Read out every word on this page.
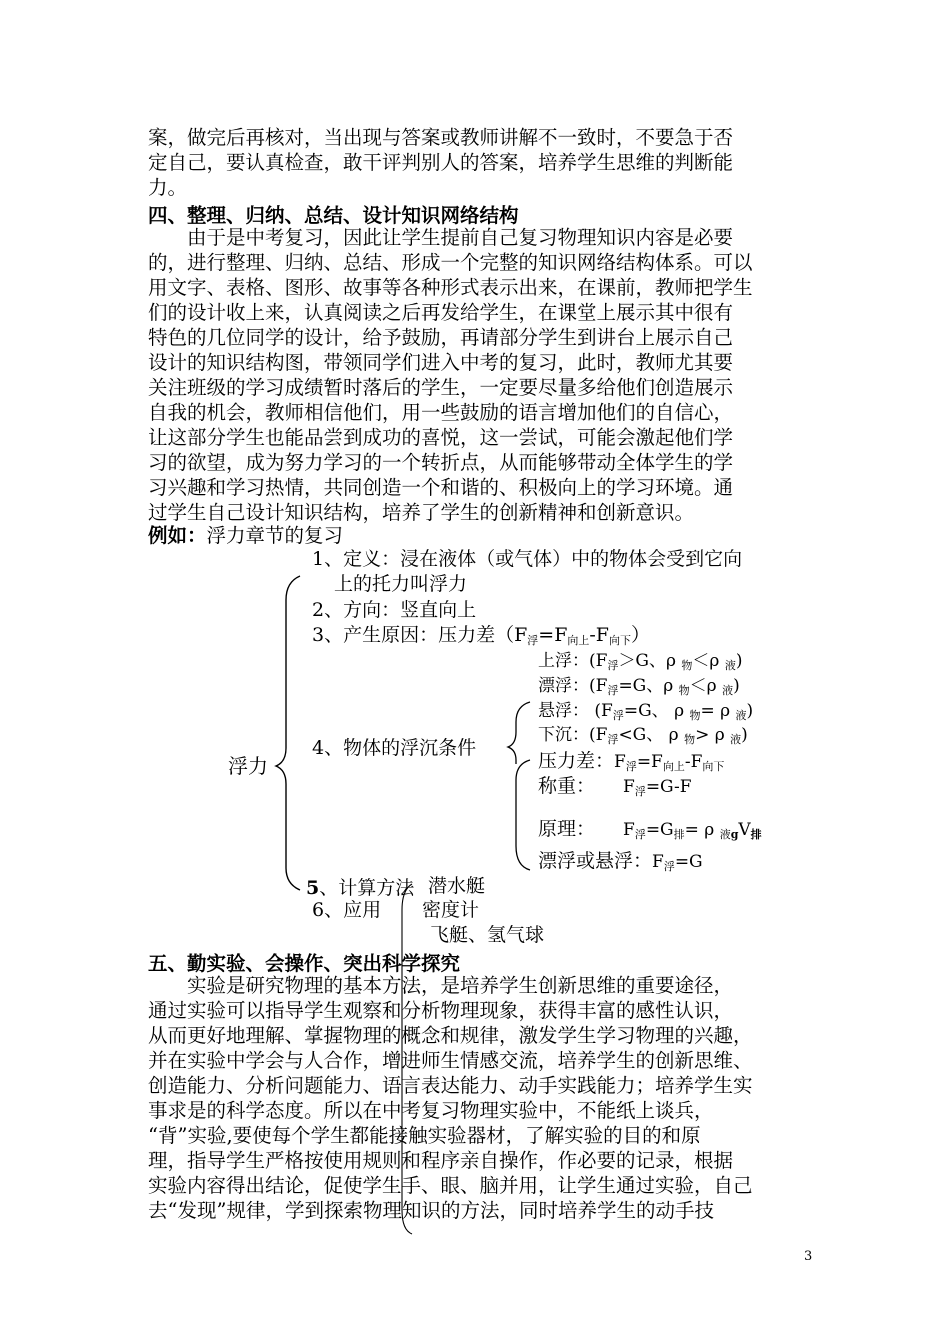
案，做完后再核对，当出现与答案或教师讲解不一致时，不要急于否
定自己，要认真检查，敢干评判别人的答案，培养学生思维的判断能
力。
四、整理、归纳、总结、设计知识网络结构
　　由于是中考复习，因此让学生提前自己复习物理知识内容是必要
的，进行整理、归纳、总结、形成一个完整的知识网络结构体系。可以
用文字、表格、图形、故事等各种形式表示出来，在课前，教师把学生
们的设计收上来，认真阅读之后再发给学生，在课堂上展示其中很有
特色的几位同学的设计，给予鼓励，再请部分学生到讲台上展示自己
设计的知识结构图，带领同学们进入中考的复习，此时，教师尤其要
关注班级的学习成绩暂时落后的学生，一定要尽量多给他们创造展示
自我的机会，教师相信他们，用一些鼓励的语言增加他们的自信心，
让这部分学生也能品尝到成功的喜悦，这一尝试，可能会激起他们学
习的欲望，成为努力学习的一个转折点，从而能够带动全体学生的学
习兴趣和学习热情，共同创造一个和谐的、积极向上的学习环境。通
过学生自己设计知识结构，培养了学生的创新精神和创新意识。
例如：浮力章节的复习
浮力
1、定义：浸在液体（或气体）中的物体会受到它向
上的托力叫浮力
2、方向：竖直向上
3、产生原因：压力差$(F_浮=F_{向上}-F_{向下})$
上浮：($F_浮>G$、ρ $_物$＜ρ $_液$)
漂浮：($F_浮=G$、ρ $_物$＜ρ $_液$)
悬浮： ($F_浮=G$、 ρ $_物$= ρ $_液$)
4、物体的浮沉条件
下沉：($F_浮<G$、 ρ $_物$> ρ $_液$)
压力差：$F_浮=F_{向上}-F_{向下}$
称重： $F_浮=G-F$
原理： $F_浮=G_排= \rho$ $_{液g}V_排$
漂浮或悬浮：$F_浮=G$
5、计算方法 潜水艇
6、应用 密度计
飞艇、氢气球
五、勤实验、会操作、突出科学探究
　　实验是研究物理的基本方法，是培养学生创新思维的重要途径，
通过实验可以指导学生观察和分析物理现象，获得丰富的感性认识，
从而更好地理解、掌握物理的概念和规律，激发学生学习物理的兴趣，
并在实验中学会与人合作，增进师生情感交流，培养学生的创新思维、
创造能力、分析问题能力、语言表达能力、动手实践能力；培养学生实
事求是的科学态度。所以在中考复习物理实验中，不能纸上谈兵，
“背”实验,要使每个学生都能接触实验器材，了解实验的目的和原
理，指导学生严格按使用规则和程序亲自操作，作必要的记录，根据
实验内容得出结论，促使学生手、眼、脑并用，让学生通过实验，自己
去“发现”规律，学到探索物理知识的方法，同时培养学生的动手技
3
